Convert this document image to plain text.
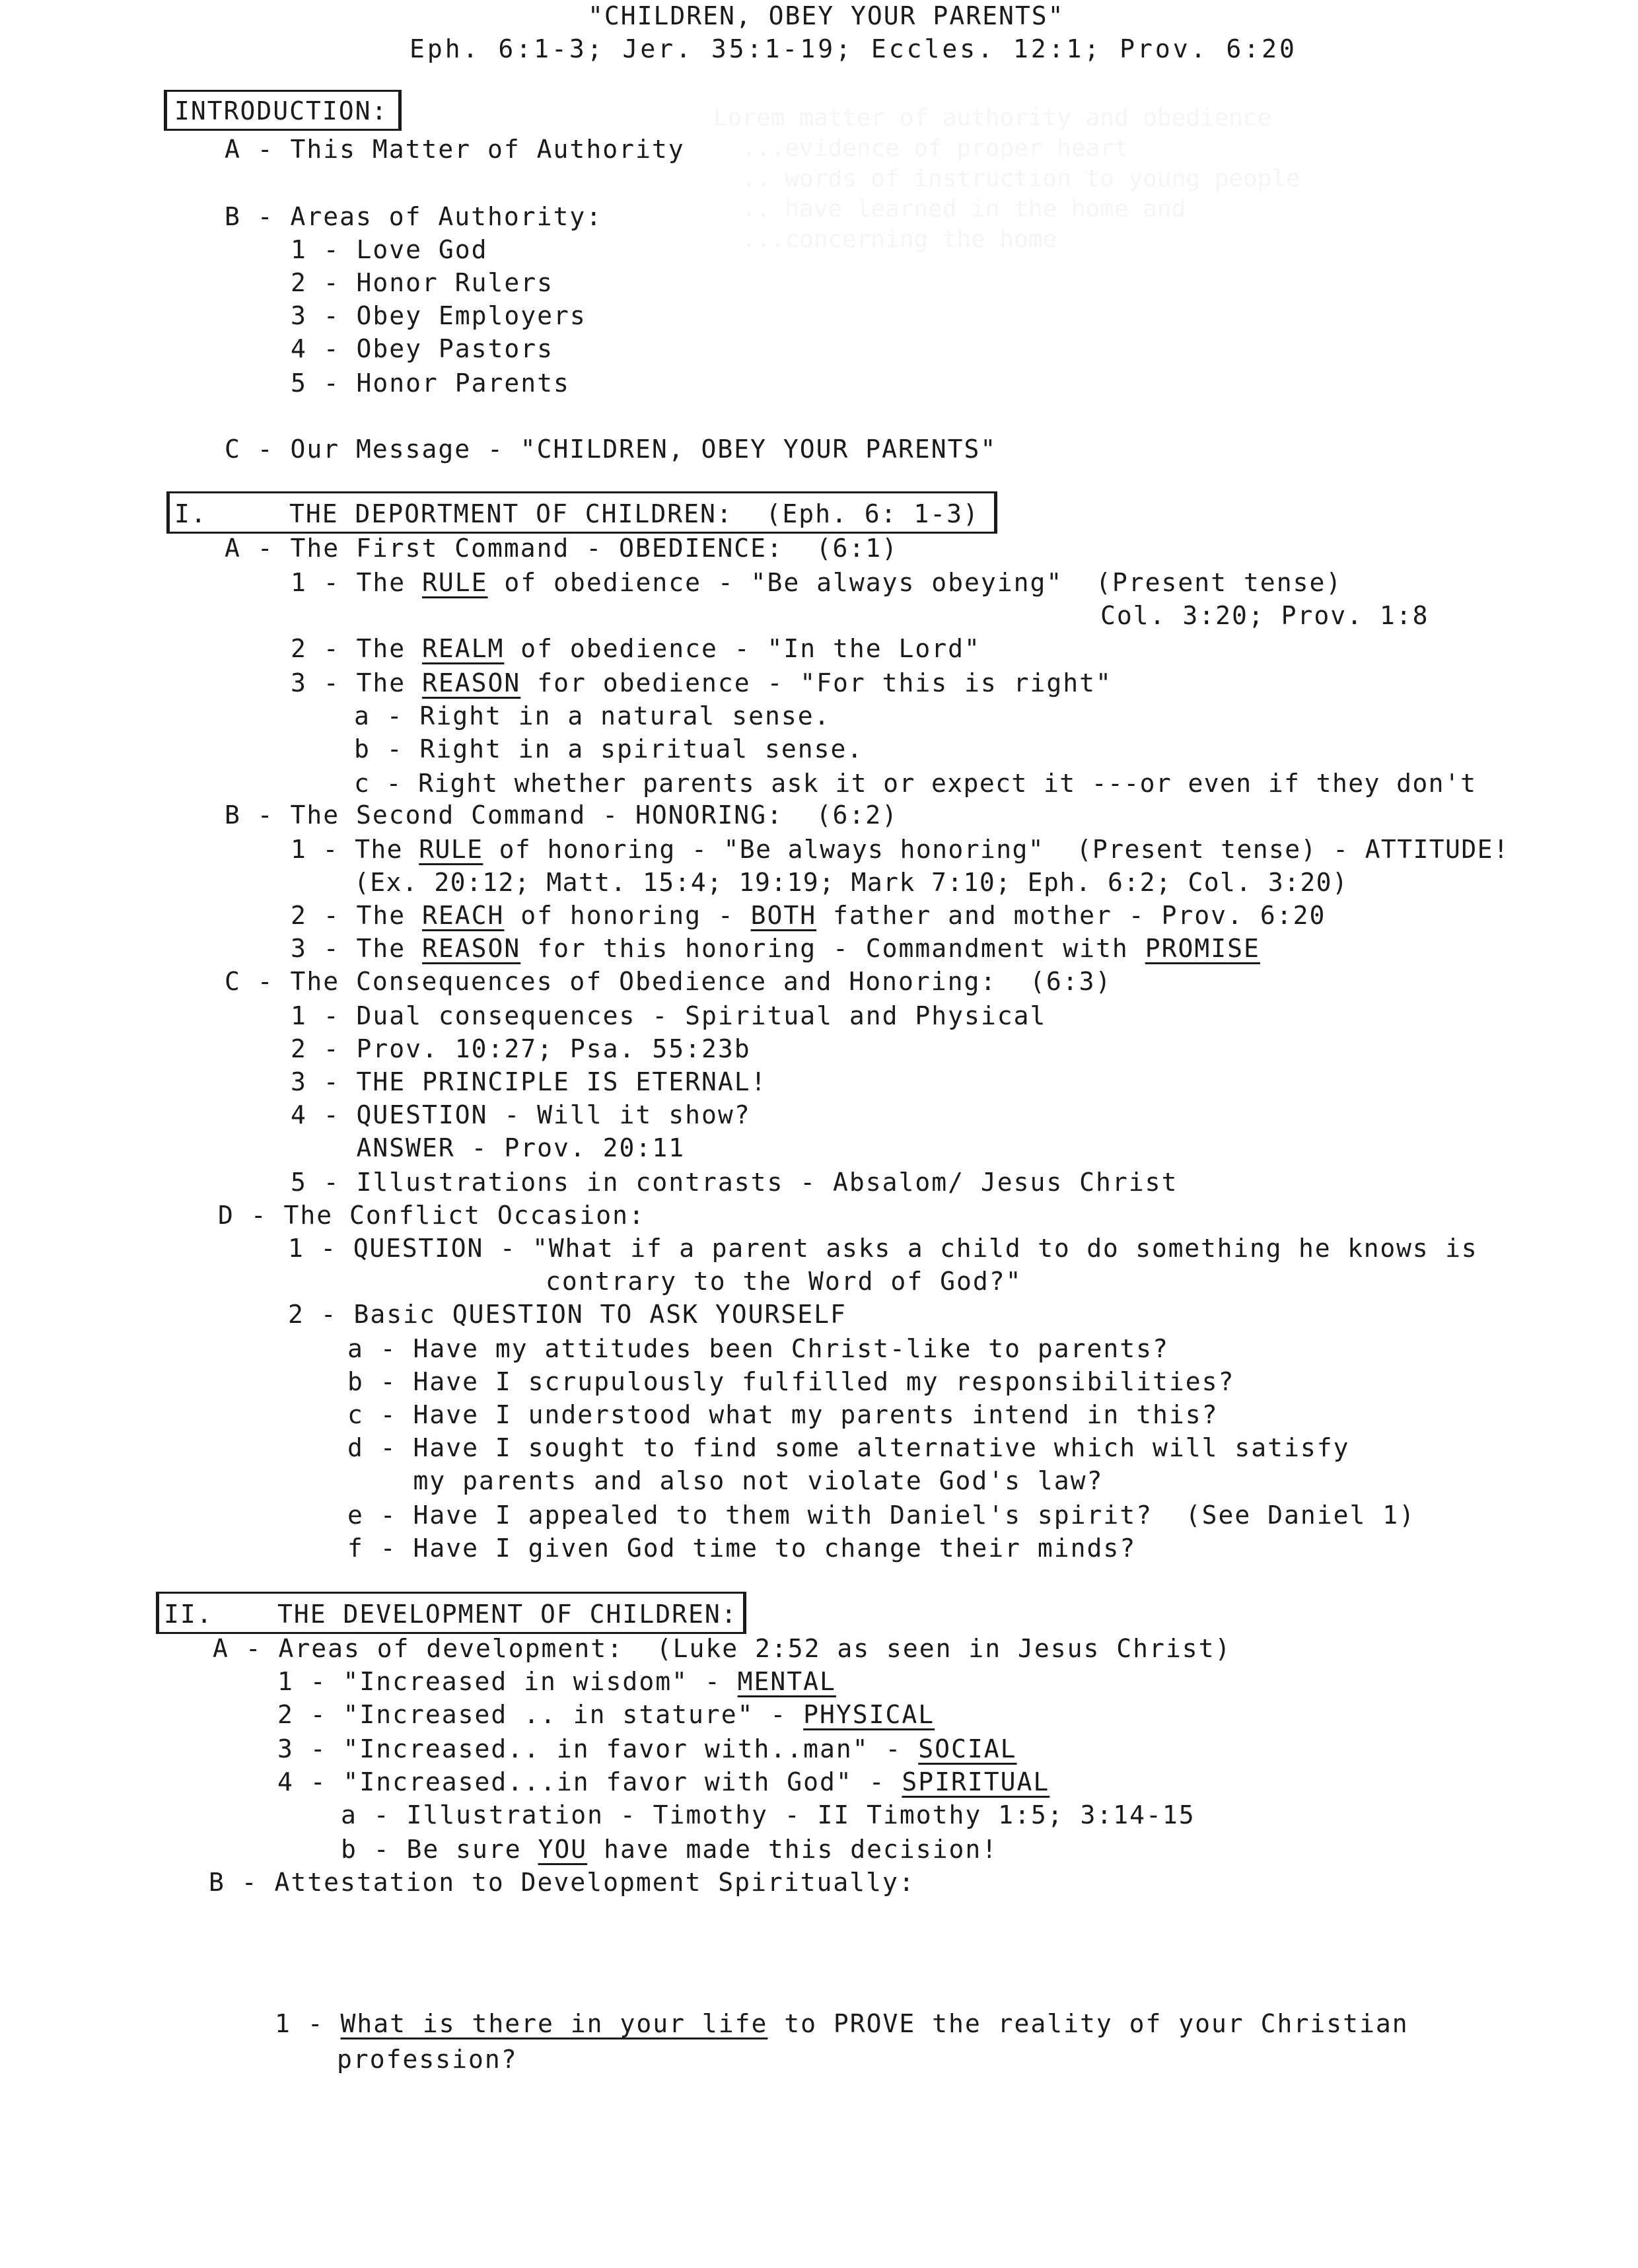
"CHILDREN, OBEY YOUR PARENTS"
Eph. 6:1-3; Jer. 35:1-19; Eccles. 12:1; Prov. 6:20
INTRODUCTION:
A - This Matter of Authority
B - Areas of Authority:
1 - Love God
2 - Honor Rulers
3 - Obey Employers
4 - Obey Pastors
5 - Honor Parents
C - Our Message - "CHILDREN, OBEY YOUR PARENTS"
I.	THE DEPORTMENT OF CHILDREN:  (Eph. 6: 1-3)
A - The First Command - OBEDIENCE:  (6:1)
1 - The RULE of obedience - "Be always obeying"  (Present tense)
Col. 3:20; Prov. 1:8
2 - The REALM of obedience - "In the Lord"
3 - The REASON for obedience - "For this is right"
a - Right in a natural sense.
b - Right in a spiritual sense.
c - Right whether parents ask it or expect it ---or even if they don't
B - The Second Command - HONORING:  (6:2)
1 - The RULE of honoring - "Be always honoring"  (Present tense) - ATTITUDE!
(Ex. 20:12; Matt. 15:4; 19:19; Mark 7:10; Eph. 6:2; Col. 3:20)
2 - The REACH of honoring - BOTH father and mother - Prov. 6:20
3 - The REASON for this honoring - Commandment with PROMISE
C - The Consequences of Obedience and Honoring:  (6:3)
1 - Dual consequences - Spiritual and Physical
2 - Prov. 10:27; Psa. 55:23b
3 - THE PRINCIPLE IS ETERNAL!
4 - QUESTION - Will it show?
ANSWER - Prov. 20:11
5 - Illustrations in contrasts - Absalom/ Jesus Christ
D - The Conflict Occasion:
1 - QUESTION - "What if a parent asks a child to do something he knows is
contrary to the Word of God?"
2 - Basic QUESTION TO ASK YOURSELF
a - Have my attitudes been Christ-like to parents?
b - Have I scrupulously fulfilled my responsibilities?
c - Have I understood what my parents intend in this?
d - Have I sought to find some alternative which will satisfy
my parents and also not violate God's law?
e - Have I appealed to them with Daniel's spirit?  (See Daniel 1)
f - Have I given God time to change their minds?
II.	THE DEVELOPMENT OF CHILDREN:
A - Areas of development:  (Luke 2:52 as seen in Jesus Christ)
1 - "Increased in wisdom" - MENTAL
2 - "Increased .. in stature" - PHYSICAL
3 - "Increased.. in favor with..man" - SOCIAL
4 - "Increased...in favor with God" - SPIRITUAL
a - Illustration - Timothy - II Timothy 1:5; 3:14-15
b - Be sure YOU have made this decision!
B - Attestation to Development Spiritually:
1 - What is there in your life to PROVE the reality of your Christian
profession?
